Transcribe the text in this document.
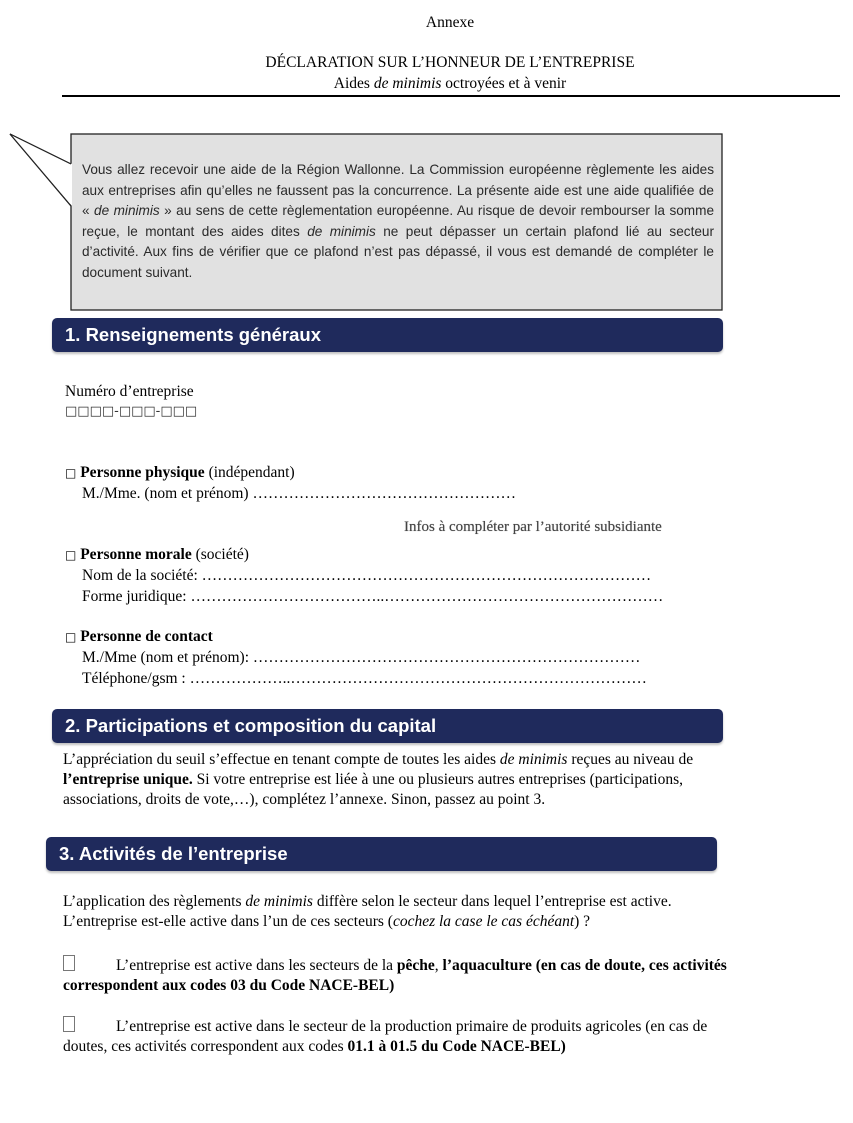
Annexe
DÉCLARATION SUR L’HONNEUR DE L’ENTREPRISE
Aides de minimis octroyées et à venir
Vous allez recevoir une aide de la Région Wallonne. La Commission européenne règlemente les aides aux entreprises afin qu’elles ne faussent pas la concurrence. La présente aide est une aide qualifiée de « de minimis » au sens de cette règlementation européenne. Au risque de devoir rembourser la somme reçue, le montant des aides dites de minimis ne peut dépasser un certain plafond lié au secteur d’activité. Aux fins de vérifier que ce plafond n’est pas dépassé, il vous est demandé de compléter le document suivant.
1. Renseignements généraux
Numéro d’entreprise
□□□□-□□□-□□□
□ Personne physique (indépendant)
M./Mme. (nom et prénom) ……………………………………………
Infos à compléter par l’autorité subsidiante
□ Personne morale (société)
Nom de la société: ……………………………………………………………………………
Forme juridique: ………………………………..………………………………………………
□ Personne de contact
M./Mme (nom et prénom): …………………………………………………………………
Téléphone/gsm : ………………..……………………………………………………………
2. Participations et composition du capital
L’appréciation du seuil s’effectue en tenant compte de toutes les aides de minimis reçues au niveau de
l’entreprise unique. Si votre entreprise est liée à une ou plusieurs autres entreprises (participations,
associations, droits de vote,…), complétez l’annexe. Sinon, passez au point 3.
3. Activités de l’entreprise
L’application des règlements de minimis diffère selon le secteur dans lequel l’entreprise est active.
L’entreprise est-elle active dans l’un de ces secteurs (cochez la case le cas échéant) ?
L’entreprise est active dans les secteurs de la pêche, l’aquaculture (en cas de doute, ces activités
correspondent aux codes 03 du Code NACE-BEL)
L’entreprise est active dans le secteur de la production primaire de produits agricoles (en cas de
doutes, ces activités correspondent aux codes 01.1 à 01.5 du Code NACE-BEL)
